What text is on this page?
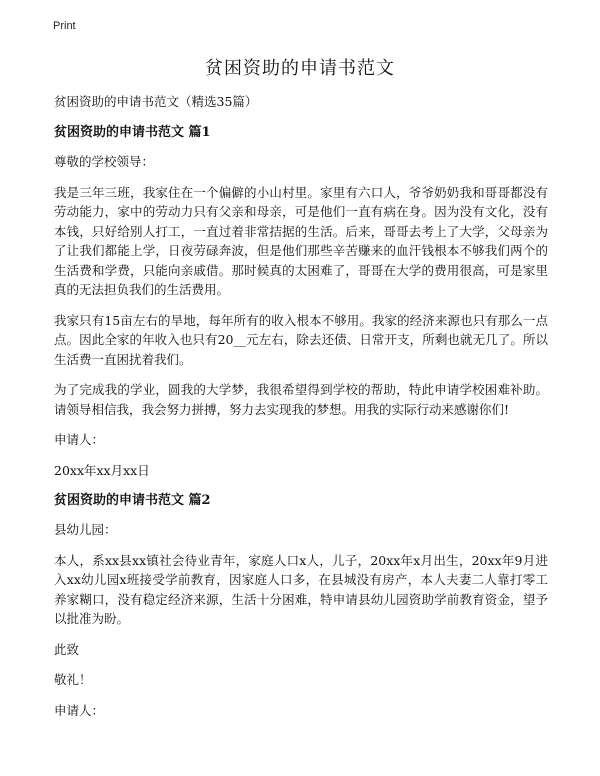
Print
贫困资助的申请书范文

贫困资助的申请书范文（精选35篇）

贫困资助的申请书范文 篇1

尊敬的学校领导：

我是三年三班，我家住在一个偏僻的小山村里。家里有六口人，爷爷奶奶我和哥哥都没有劳动能力，家中的劳动力只有父亲和母亲，可是他们一直有病在身。因为没有文化，没有本钱，只好给别人打工，一直过着非常拮据的生活。后来，哥哥去考上了大学，父母亲为了让我们都能上学，日夜劳碌奔波，但是他们那些辛苦赚来的血汗钱根本不够我们两个的生活费和学费，只能向亲戚借。那时候真的太困难了，哥哥在大学的费用很高，可是家里真的无法担负我们的生活费用。

我家只有15亩左右的旱地，每年所有的收入根本不够用。我家的经济来源也只有那么一点点。因此全家的年收入也只有20__元左右，除去还债、日常开支，所剩也就无几了。所以生活费一直困扰着我们。

为了完成我的学业，圆我的大学梦，我很希望得到学校的帮助，特此申请学校困难补助。请领导相信我，我会努力拼搏，努力去实现我的梦想。用我的实际行动来感谢你们!

申请人：

20xx年xx月xx日

贫困资助的申请书范文 篇2

县幼儿园：

本人，系xx县xx镇社会待业青年，家庭人口x人，儿子，20xx年x月出生，20xx年9月进入xx幼儿园x班接受学前教育，因家庭人口多，在县城没有房产，本人夫妻二人靠打零工养家糊口，没有稳定经济来源，生活十分困难，特申请县幼儿园资助学前教育资金，望予以批准为盼。

此致

敬礼！

申请人：
